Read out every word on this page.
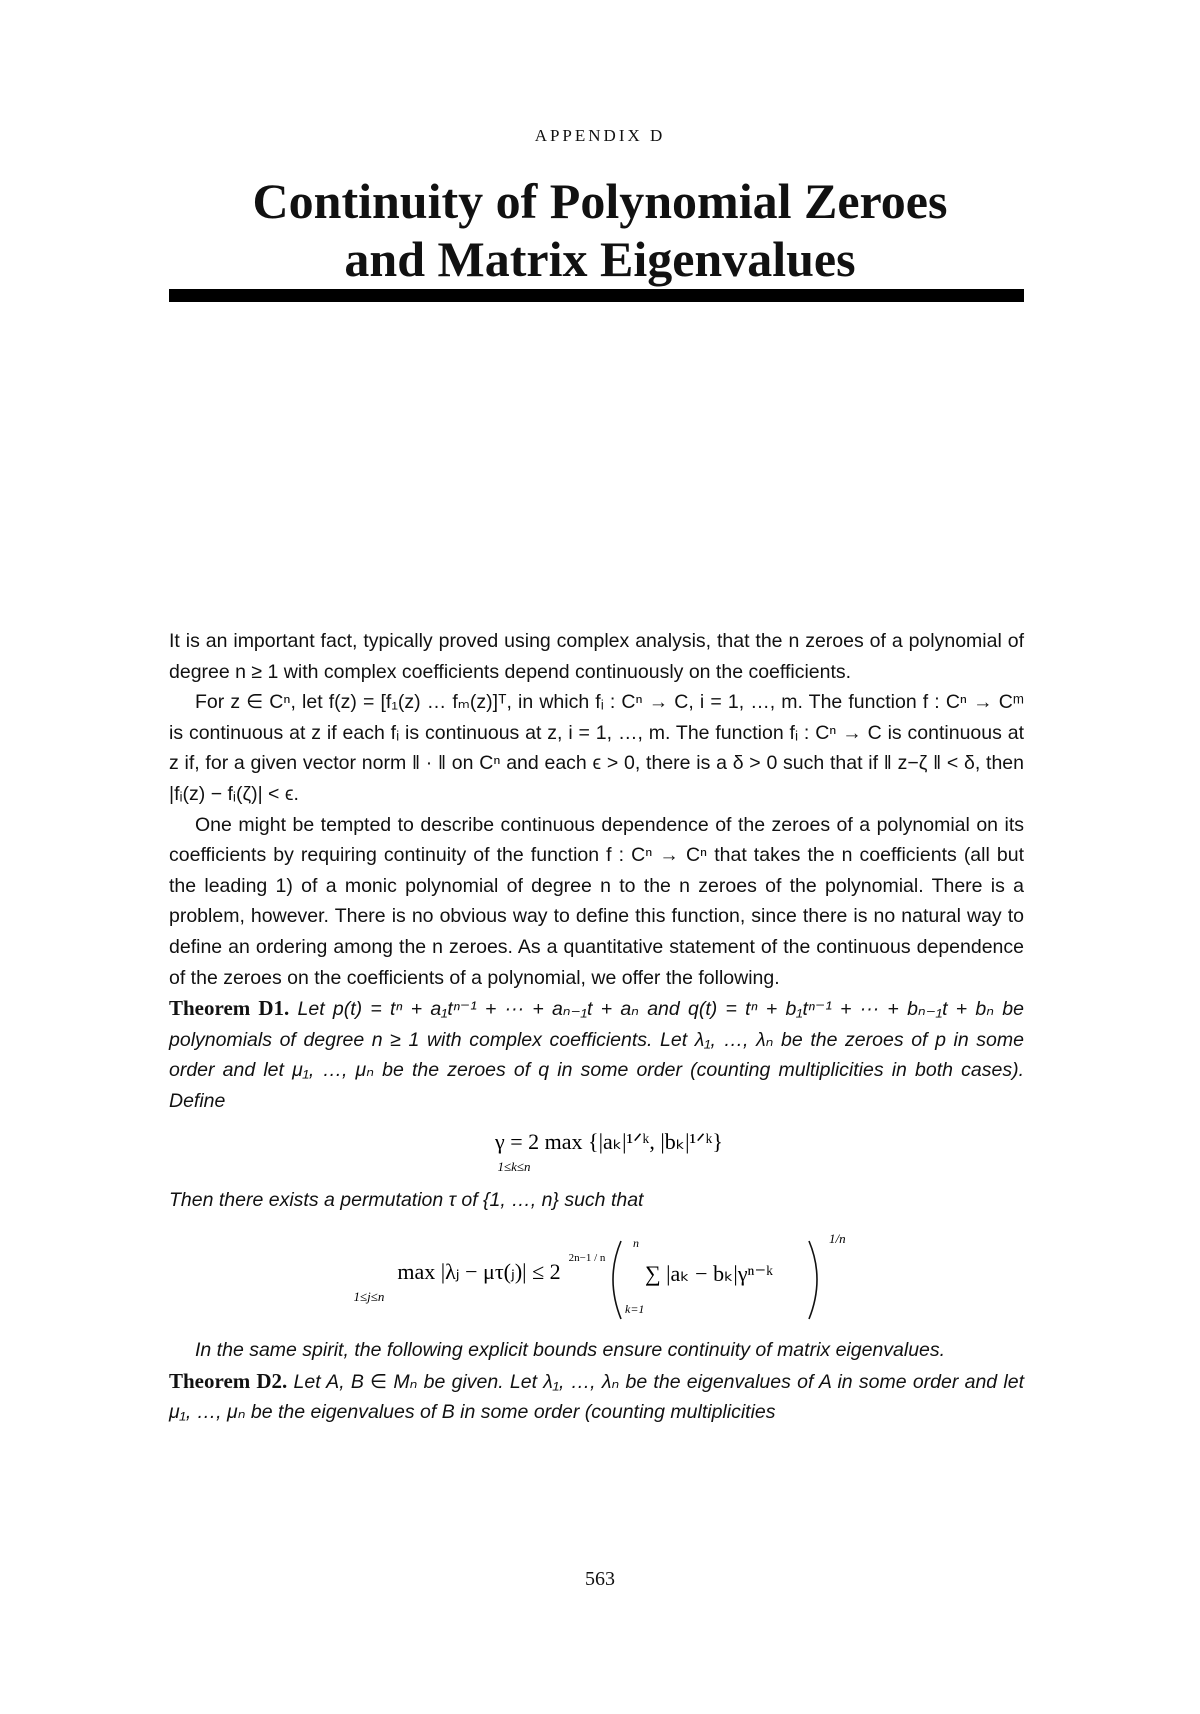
APPENDIX D
Continuity of Polynomial Zeroes
and Matrix Eigenvalues

It is an important fact, typically proved using complex analysis, that the n zeroes of a polynomial of degree n ≥ 1 with complex coefficients depend continuously on the coefficients.

For z ∈ Cⁿ, let f(z) = [f₁(z) … fₘ(z)]ᵀ, in which fᵢ : Cⁿ → C, i = 1, …, m. The function f : Cⁿ → Cᵐ is continuous at z if each fᵢ is continuous at z, i = 1, …, m. The function fᵢ : Cⁿ → C is continuous at z if, for a given vector norm ‖ · ‖ on Cⁿ and each ϵ > 0, there is a δ > 0 such that if ‖ z−ζ ‖ < δ, then |fᵢ(z) − fᵢ(ζ)| < ϵ.

One might be tempted to describe continuous dependence of the zeroes of a polynomial on its coefficients by requiring continuity of the function f : Cⁿ → Cⁿ that takes the n coefficients (all but the leading 1) of a monic polynomial of degree n to the n zeroes of the polynomial. There is a problem, however. There is no obvious way to define this function, since there is no natural way to define an ordering among the n zeroes. As a quantitative statement of the continuous dependence of the zeroes on the coefficients of a polynomial, we offer the following.

Theorem D1. Let p(t) = tⁿ + a₁tⁿ⁻¹ + ··· + aₙ₋₁t + aₙ and q(t) = tⁿ + b₁tⁿ⁻¹ + ··· + bₙ₋₁t + bₙ be polynomials of degree n ≥ 1 with complex coefficients. Let λ₁, …, λₙ be the zeroes of p in some order and let μ₁, …, μₙ be the zeroes of q in some order (counting multiplicities in both cases). Define

γ = 2 max {|aₖ|¹ᐟᵏ, |bₖ|¹ᐟᵏ}
1≤k≤n

Then there exists a permutation τ of {1, …, n} such that

max |λⱼ − μτ(ⱼ)| ≤ 2
1≤j≤n
2n−1 / n
n
∑ |aₖ − bₖ|γⁿ⁻ᵏ
k=1
1/n

In the same spirit, the following explicit bounds ensure continuity of matrix eigenvalues.

Theorem D2. Let A, B ∈ Mₙ be given. Let λ₁, …, λₙ be the eigenvalues of A in some order and let μ₁, …, μₙ be the eigenvalues of B in some order (counting multiplicities

563
